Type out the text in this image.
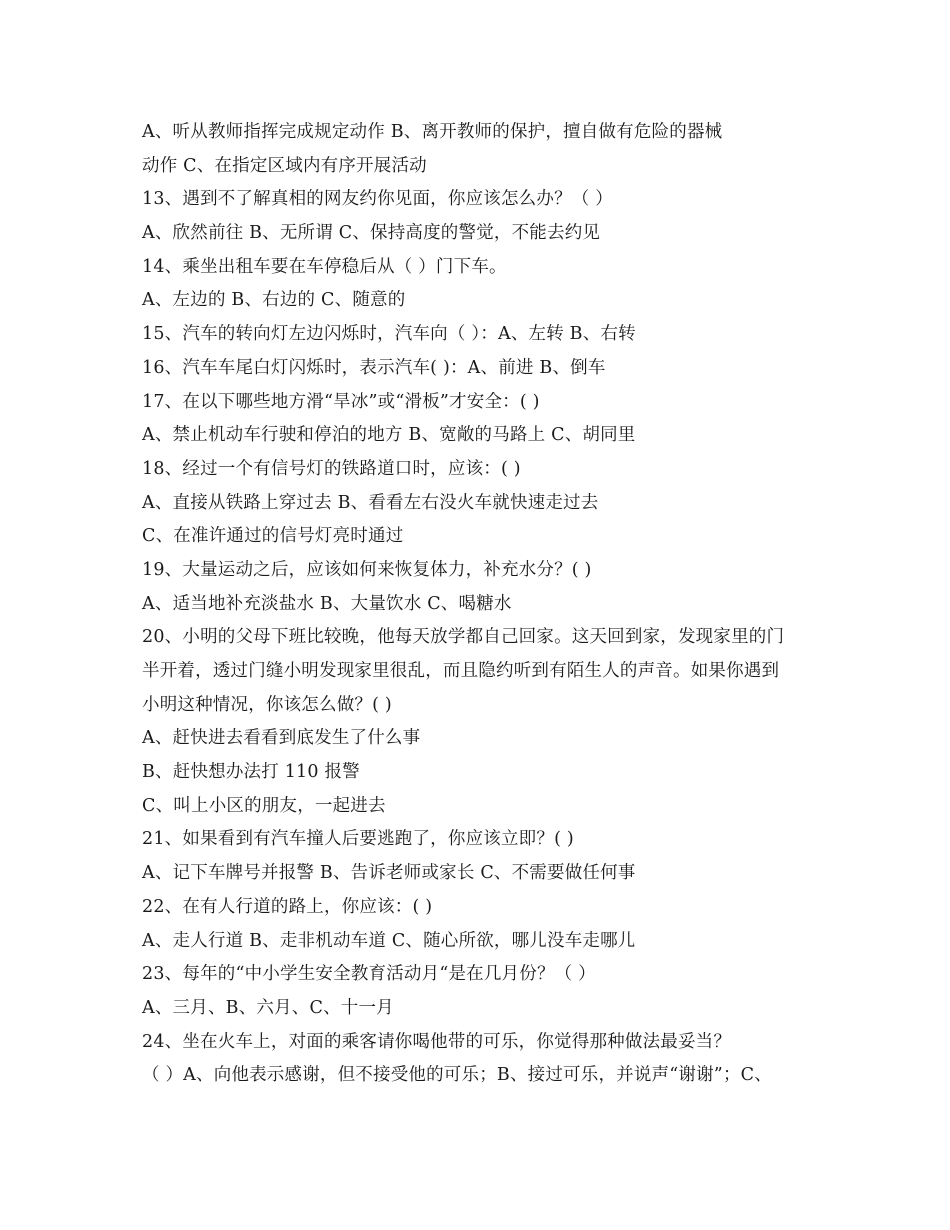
A、听从教师指挥完成规定动作 B、离开教师的保护，擅自做有危险的器械
动作 C、在指定区域内有序开展活动
13、遇到不了解真相的网友约你见面，你应该怎么办？（ ）
A、欣然前往 B、无所谓 C、保持高度的警觉，不能去约见
14、乘坐出租车要在车停稳后从（ ）门下车。
A、左边的 B、右边的 C、随意的
15、汽车的转向灯左边闪烁时，汽车向（ ）：A、左转 B、右转
16、汽车车尾白灯闪烁时，表示汽车( )：A、前进 B、倒车
17、在以下哪些地方滑“旱冰”或“滑板”才安全：( )
A、禁止机动车行驶和停泊的地方 B、宽敞的马路上 C、胡同里
18、经过一个有信号灯的铁路道口时，应该：( )
A、直接从铁路上穿过去 B、看看左右没火车就快速走过去
C、在准许通过的信号灯亮时通过
19、大量运动之后，应该如何来恢复体力，补充水分？( )
A、适当地补充淡盐水 B、大量饮水 C、喝糖水
20、小明的父母下班比较晚，他每天放学都自己回家。这天回到家，发现家里的门
半开着，透过门缝小明发现家里很乱，而且隐约听到有陌生人的声音。如果你遇到
小明这种情况，你该怎么做？( )
A、赶快进去看看到底发生了什么事
B、赶快想办法打 110 报警
C、叫上小区的朋友，一起进去
21、如果看到有汽车撞人后要逃跑了，你应该立即？( )
A、记下车牌号并报警 B、告诉老师或家长 C、不需要做任何事
22、在有人行道的路上，你应该：( )
A、走人行道 B、走非机动车道 C、随心所欲，哪儿没车走哪儿
23、每年的“中小学生安全教育活动月“是在几月份？（ ）
A、三月、B、六月、C、十一月
24、坐在火车上，对面的乘客请你喝他带的可乐，你觉得那种做法最妥当？
（ ）A、向他表示感谢，但不接受他的可乐；B、接过可乐，并说声“谢谢”；C、
